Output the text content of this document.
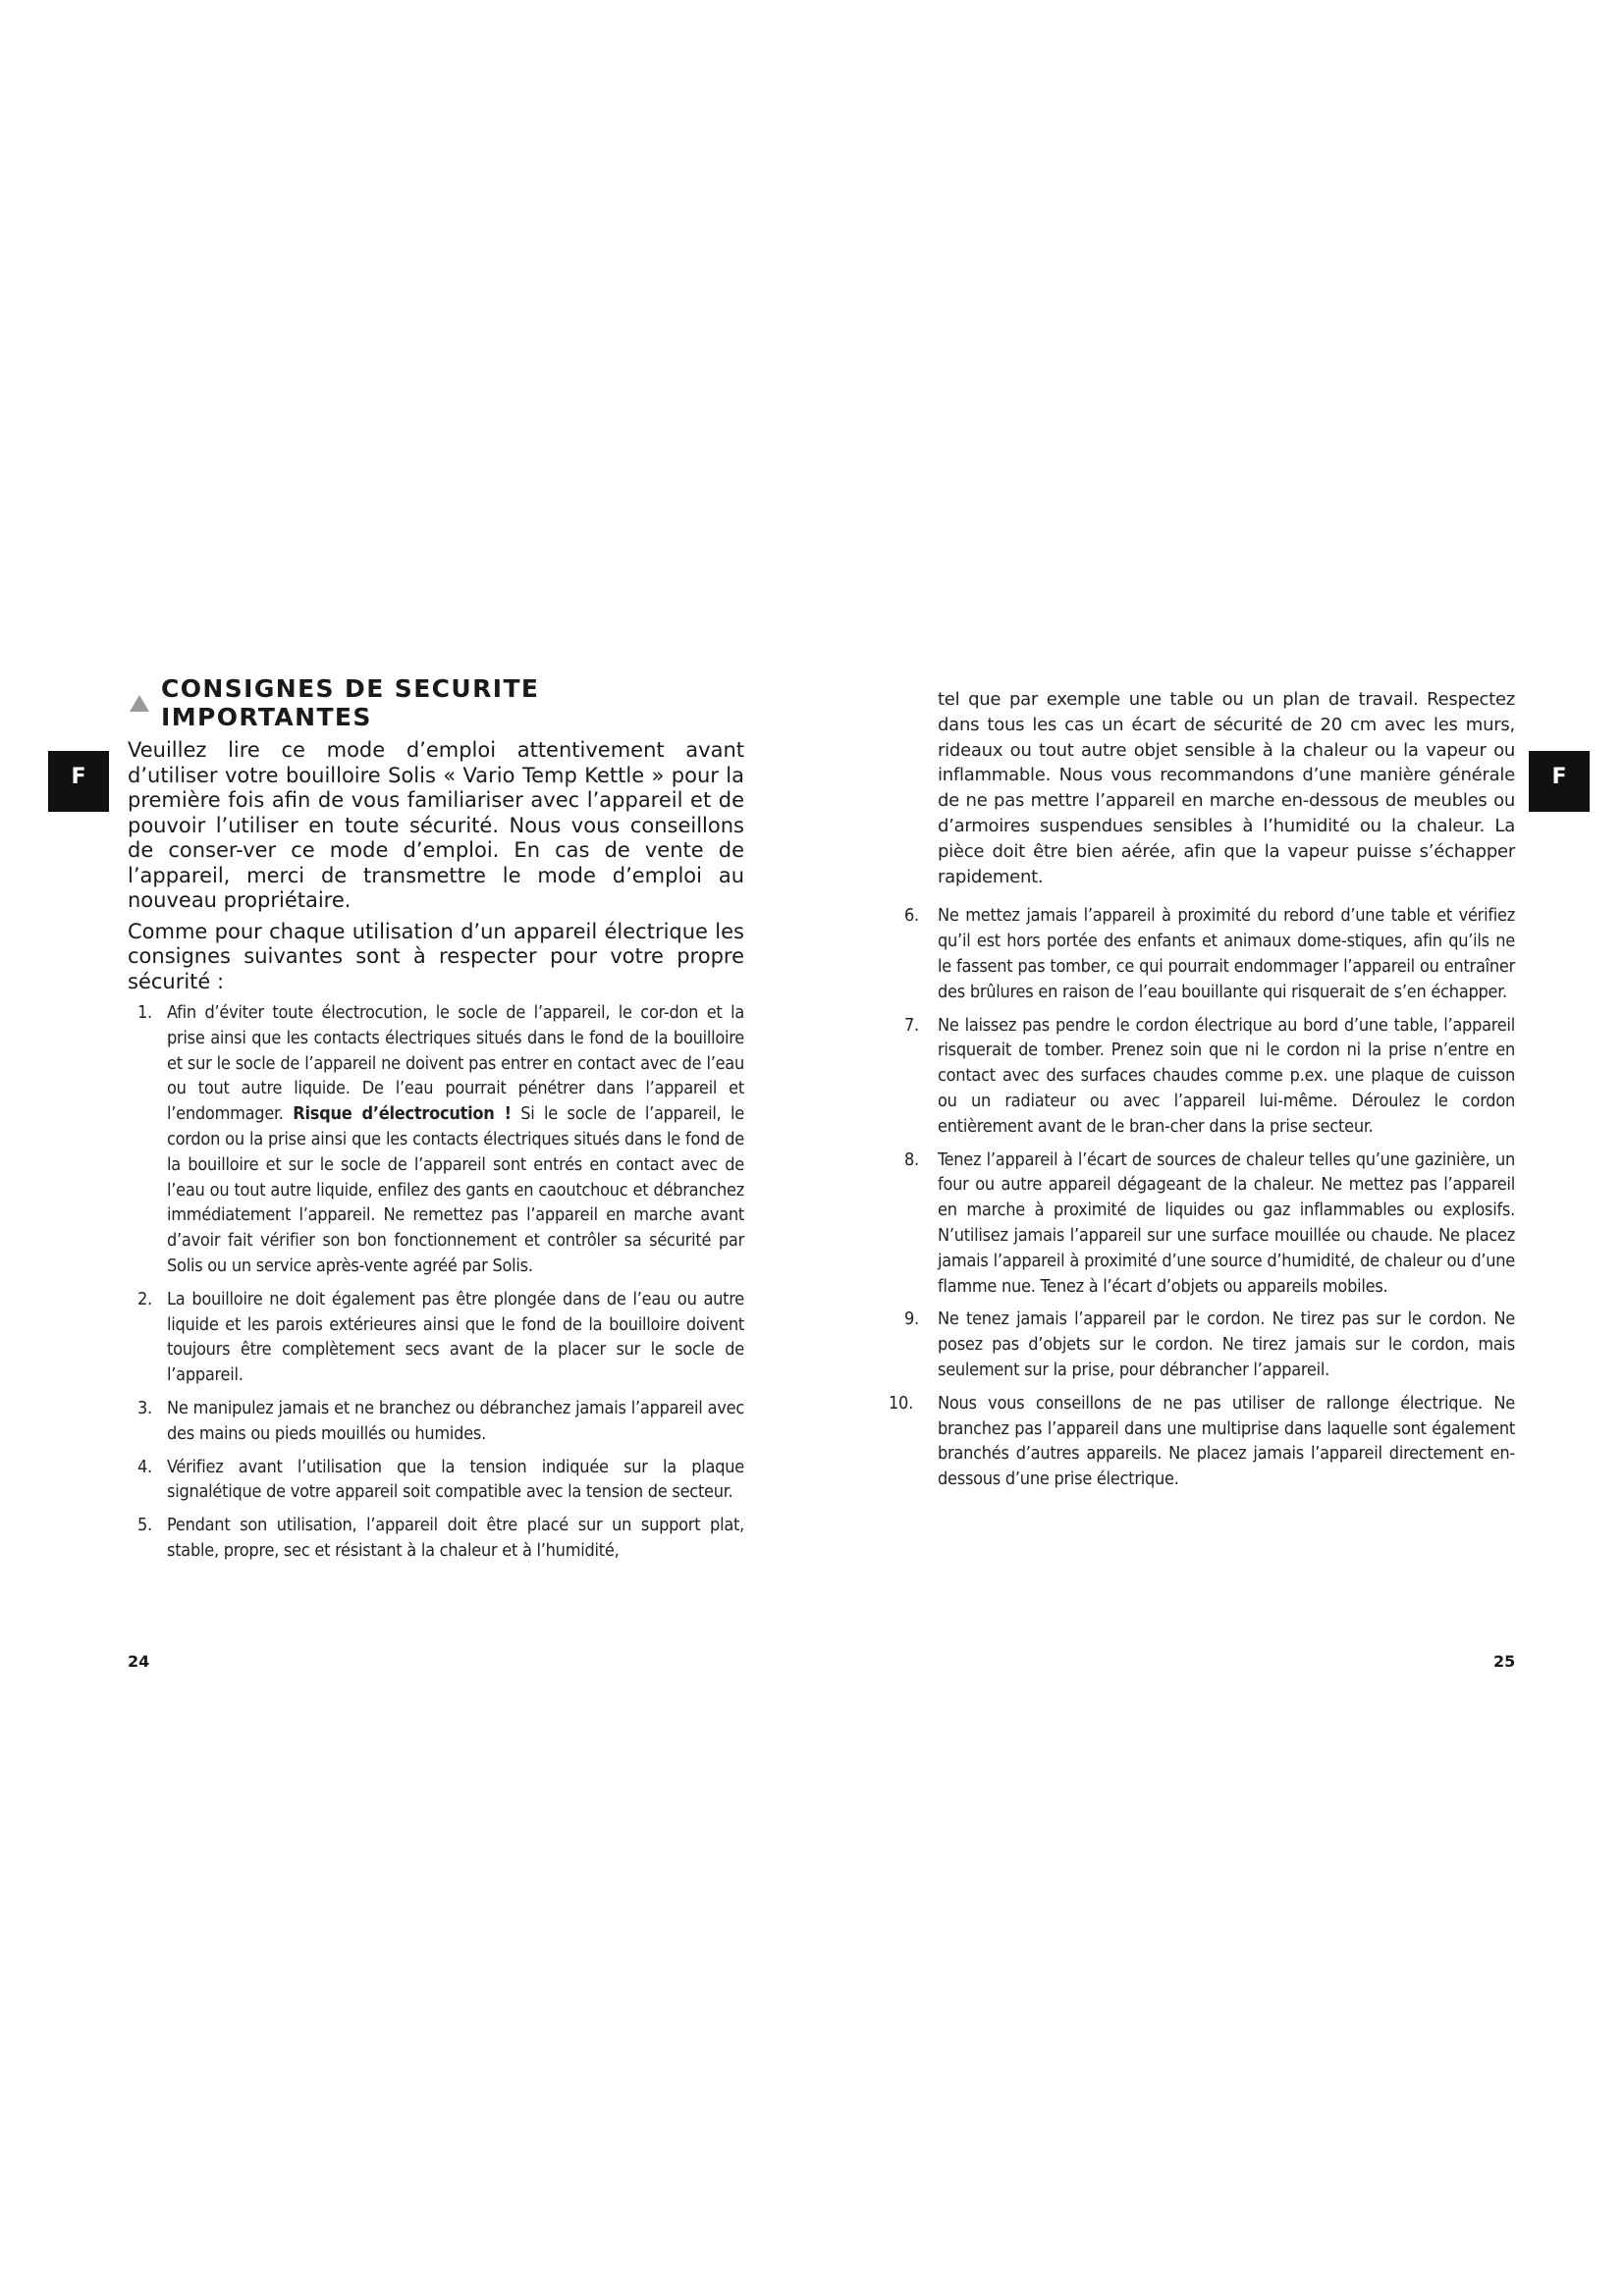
F	F
CONSIGNES DE SECURITE IMPORTANTES

Veuillez lire ce mode d’emploi attentivement avant d’utiliser votre bouilloire Solis « Vario Temp Kettle » pour la première fois afin de vous familiariser avec l’appareil et de pouvoir l’utiliser en toute sécurité. Nous vous conseillons de conser-ver ce mode d’emploi. En cas de vente de l’appareil, merci de transmettre le mode d’emploi au nouveau propriétaire.

Comme pour chaque utilisation d’un appareil électrique les consignes suivantes sont à respecter pour votre propre sécurité :

1. Afin d’éviter toute électrocution, le socle de l’appareil, le cor-don et la prise ainsi que les contacts électriques situés dans le fond de la bouilloire et sur le socle de l’appareil ne doivent pas entrer en contact avec de l’eau ou tout autre liquide. De l’eau pourrait pénétrer dans l’appareil et l’endommager. Risque d’électrocution ! Si le socle de l’appareil, le cordon ou la prise ainsi que les contacts électriques situés dans le fond de la bouilloire et sur le socle de l’appareil sont entrés en contact avec de l’eau ou tout autre liquide, enfilez des gants en caoutchouc et débranchez immédiatement l’appareil. Ne remettez pas l’appareil en marche avant d’avoir fait vérifier son bon fonctionnement et contrôler sa sécurité par Solis ou un service après-vente agréé par Solis.
2. La bouilloire ne doit également pas être plongée dans de l’eau ou autre liquide et les parois extérieures ainsi que le fond de la bouilloire doivent toujours être complètement secs avant de la placer sur le socle de l’appareil.
3. Ne manipulez jamais et ne branchez ou débranchez jamais l’appareil avec des mains ou pieds mouillés ou humides.
4. Vérifiez avant l’utilisation que la tension indiquée sur la plaque signalétique de votre appareil soit compatible avec la tension de secteur.
5. Pendant son utilisation, l’appareil doit être placé sur un support plat, stable, propre, sec et résistant à la chaleur et à l’humidité,

tel que par exemple une table ou un plan de travail. Respectez dans tous les cas un écart de sécurité de 20 cm avec les murs, rideaux ou tout autre objet sensible à la chaleur ou la vapeur ou inflammable. Nous vous recommandons d’une manière générale de ne pas mettre l’appareil en marche en-dessous de meubles ou d’armoires suspendues sensibles à l’humidité ou la chaleur. La pièce doit être bien aérée, afin que la vapeur puisse s’échapper rapidement.

6. Ne mettez jamais l’appareil à proximité du rebord d’une table et vérifiez qu’il est hors portée des enfants et animaux dome-stiques, afin qu’ils ne le fassent pas tomber, ce qui pourrait endommager l’appareil ou entraîner des brûlures en raison de l’eau bouillante qui risquerait de s’en échapper.
7. Ne laissez pas pendre le cordon électrique au bord d’une table, l’appareil risquerait de tomber. Prenez soin que ni le cordon ni la prise n’entre en contact avec des surfaces chaudes comme p.ex. une plaque de cuisson ou un radiateur ou avec l’appareil lui-même. Déroulez le cordon entièrement avant de le bran-cher dans la prise secteur.
8. Tenez l’appareil à l’écart de sources de chaleur telles qu’une gazinière, un four ou autre appareil dégageant de la chaleur. Ne mettez pas l’appareil en marche à proximité de liquides ou gaz inflammables ou explosifs. N’utilisez jamais l’appareil sur une surface mouillée ou chaude. Ne placez jamais l’appareil à proximité d’une source d’humidité, de chaleur ou d’une flamme nue. Tenez à l’écart d’objets ou appareils mobiles.
9. Ne tenez jamais l’appareil par le cordon. Ne tirez pas sur le cordon. Ne posez pas d’objets sur le cordon. Ne tirez jamais sur le cordon, mais seulement sur la prise, pour débrancher l’appareil.
10. Nous vous conseillons de ne pas utiliser de rallonge électrique. Ne branchez pas l’appareil dans une multiprise dans laquelle sont également branchés d’autres appareils. Ne placez jamais l’appareil directement en-dessous d’une prise électrique.
24	25
